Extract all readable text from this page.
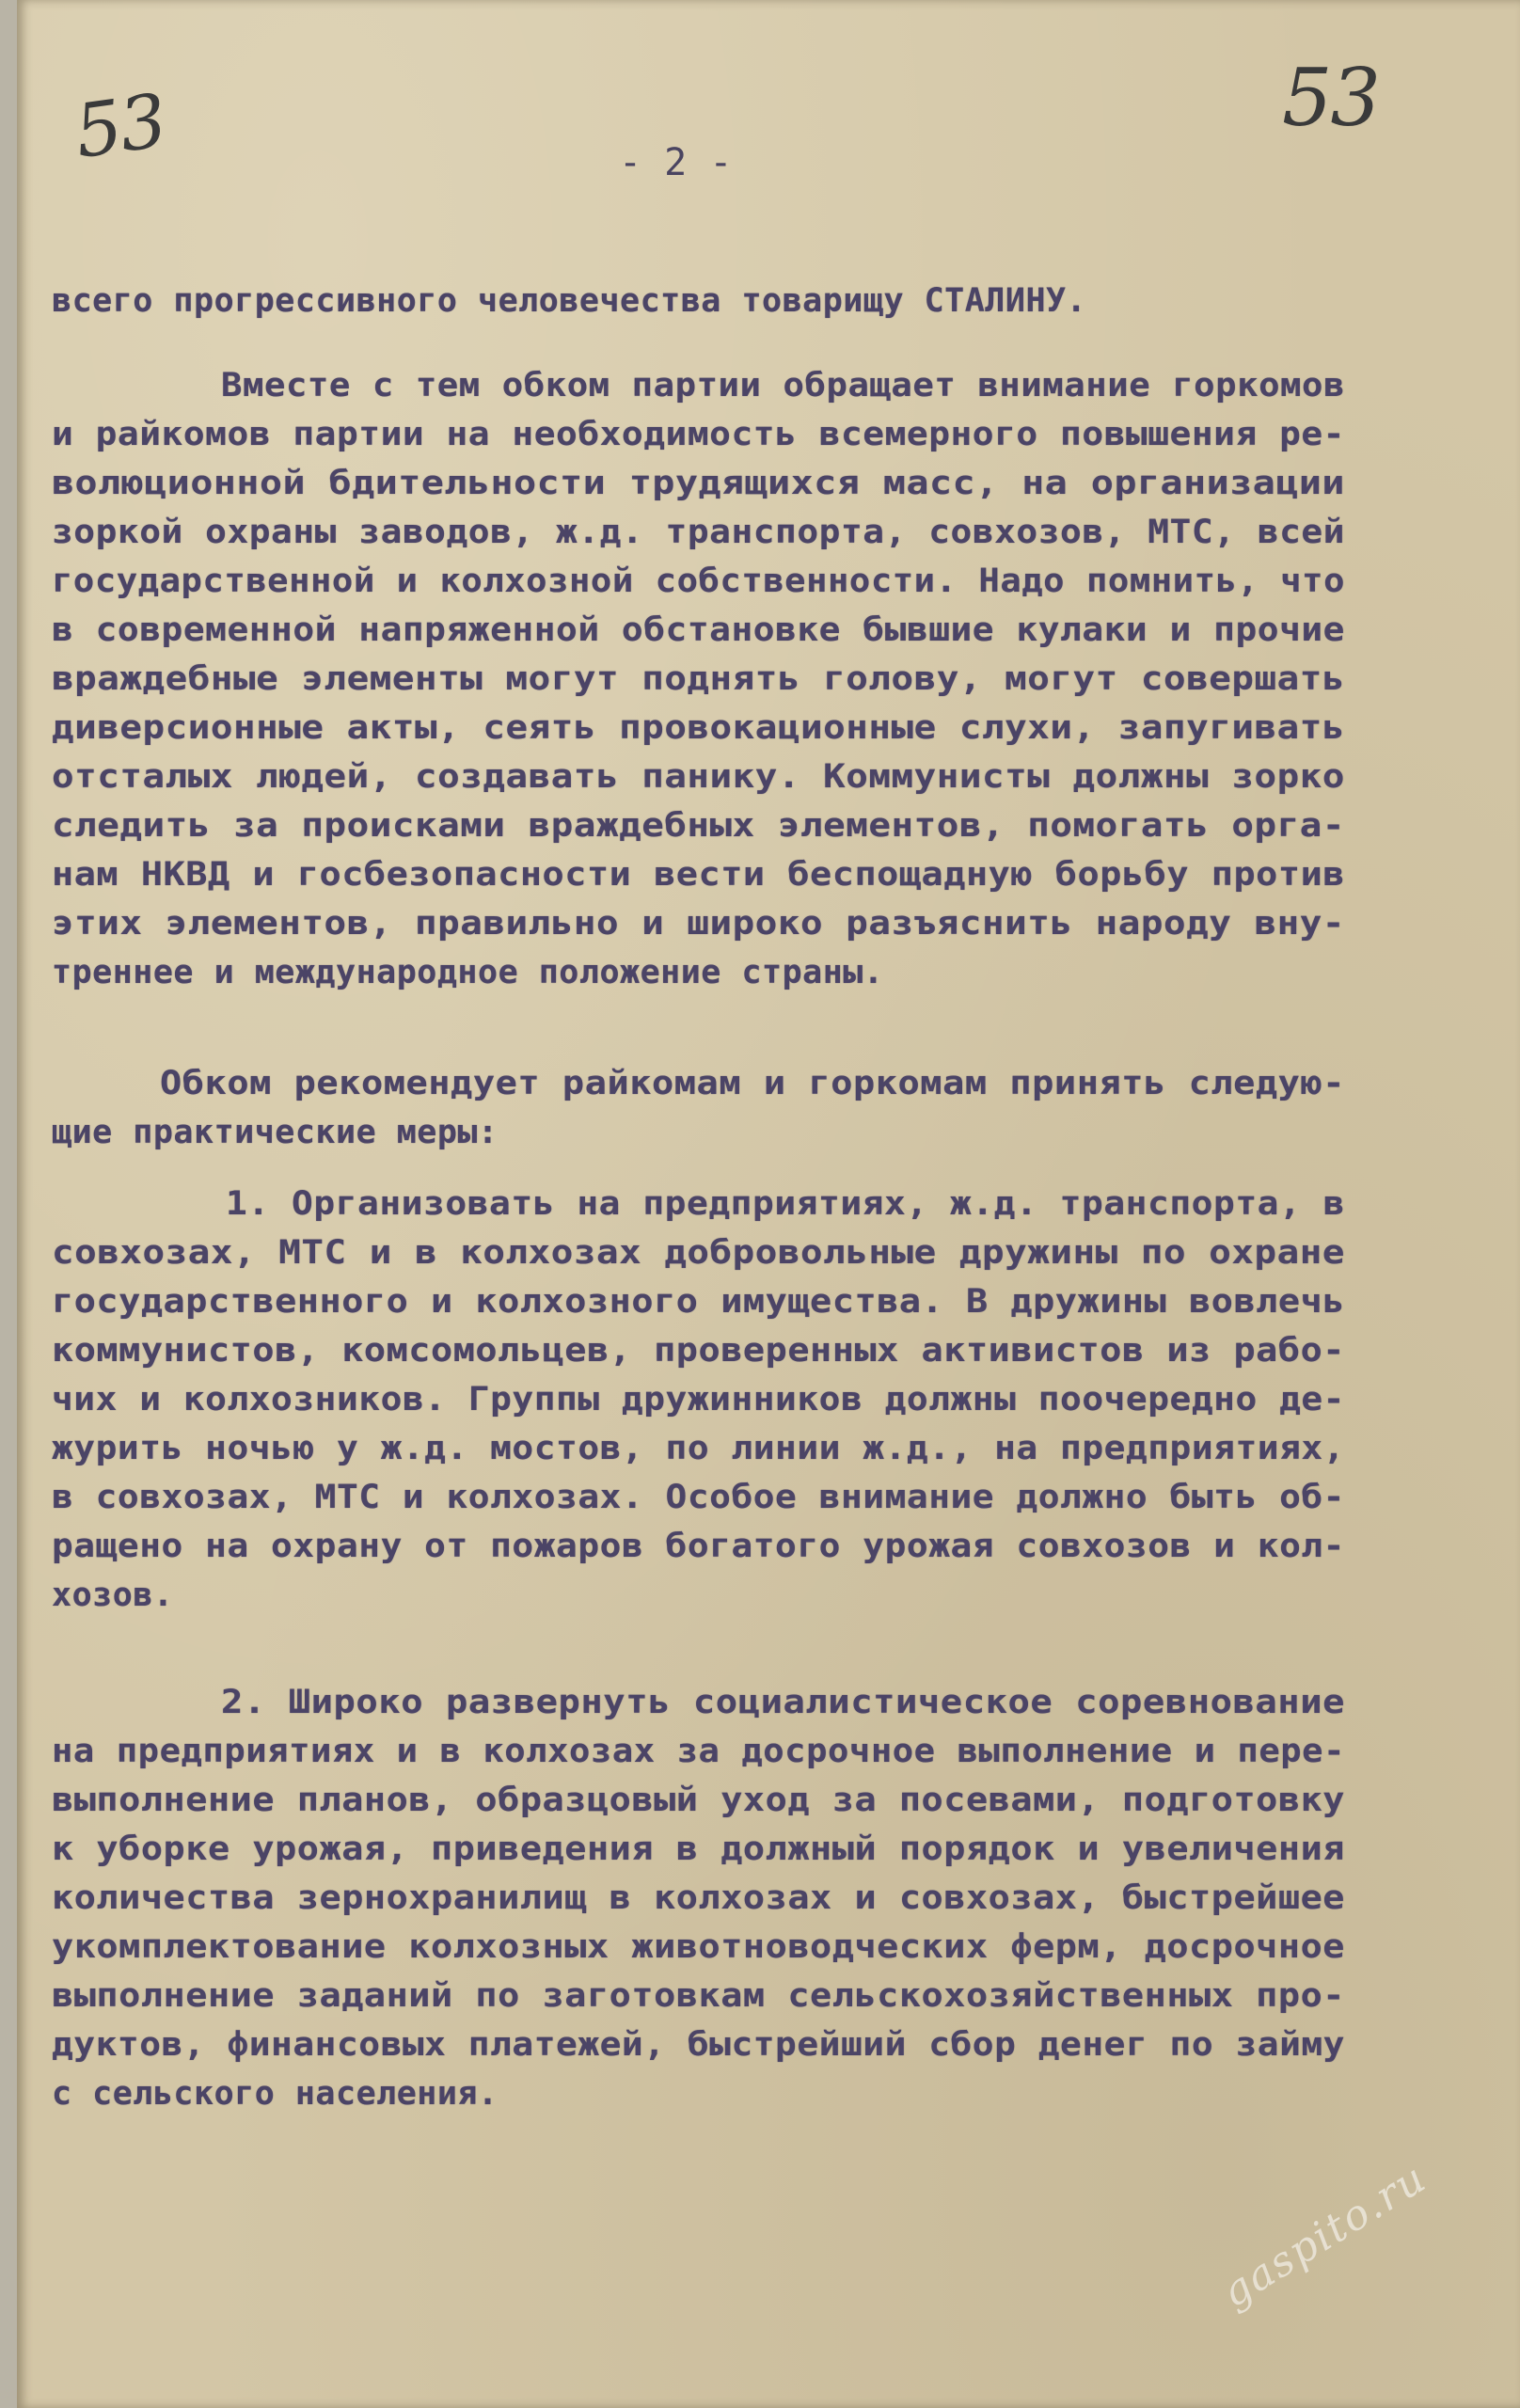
53	53
- 2 -
всего прогрессивного человечества товарищу СТАЛИНУ.
Вместе с тем обком партии обращает внимание горкомов
и райкомов партии на необходимость всемерного повышения ре-
волюционной бдительности трудящихся масс, на организации
зоркой охраны заводов, ж.д. транспорта, совхозов, МТС, всей
государственной и колхозной собственности. Надо помнить, что
в современной напряженной обстановке бывшие кулаки и прочие
враждебные элементы могут поднять голову, могут совершать
диверсионные акты, сеять провокационные слухи, запугивать
отсталых людей, создавать панику. Коммунисты должны зорко
следить за происками враждебных элементов, помогать орга-
нам НКВД и госбезопасности вести беспощадную борьбу против
этих элементов, правильно и широко разъяснить народу вну-
треннее и международное положение страны.
Обком рекомендует райкомам и горкомам принять следую-
щие практические меры:
1. Организовать на предприятиях, ж.д. транспорта, в
совхозах, МТС и в колхозах добровольные дружины по охране
государственного и колхозного имущества. В дружины вовлечь
коммунистов, комсомольцев, проверенных активистов из рабо-
чих и колхозников. Группы дружинников должны поочередно де-
журить ночью у ж.д. мостов, по линии ж.д., на предприятиях,
в совхозах, МТС и колхозах. Особое внимание должно быть об-
ращено на охрану от пожаров богатого урожая совхозов и кол-
хозов.
2. Широко развернуть социалистическое соревнование
на предприятиях и в колхозах за досрочное выполнение и пере-
выполнение планов, образцовый уход за посевами, подготовку
к уборке урожая, приведения в должный порядок и увеличения
количества зернохранилищ в колхозах и совхозах, быстрейшее
укомплектование колхозных животноводческих ферм, досрочное
выполнение заданий по заготовкам сельскохозяйственных про-
дуктов, финансовых платежей, быстрейший сбор денег по займу
с сельского населения.
gaspito.ru
